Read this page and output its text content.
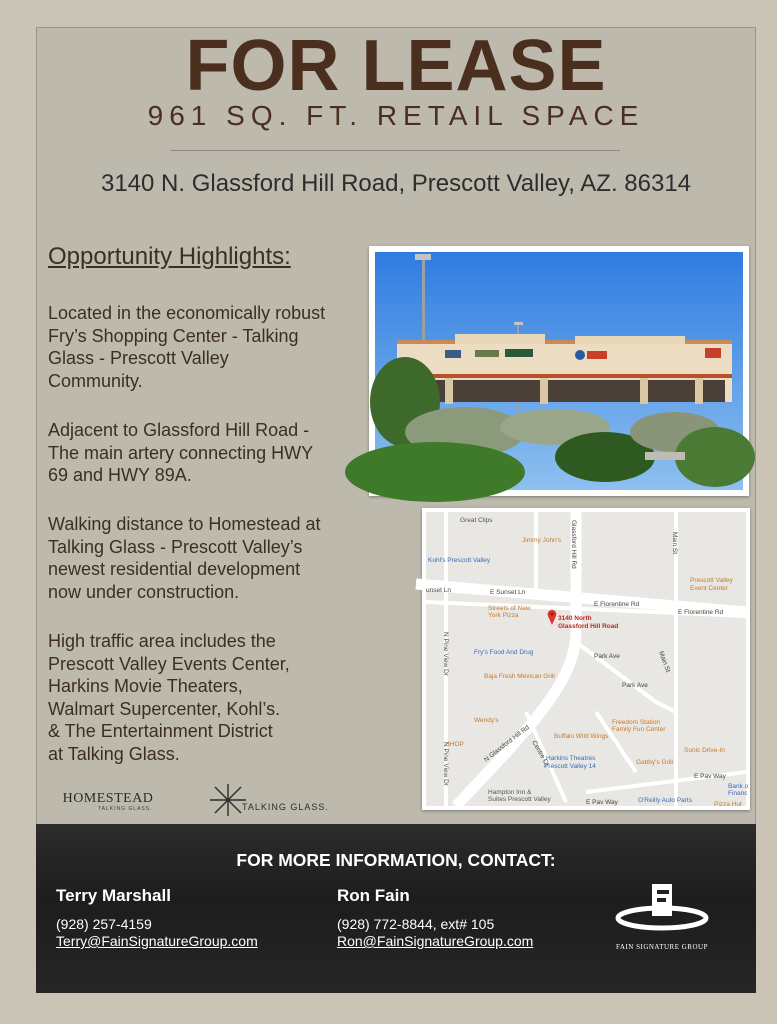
FOR LEASE
961 SQ. FT. RETAIL SPACE
3140 N. Glassford Hill Road, Prescott Valley, AZ. 86314
Opportunity Highlights:

Located in the economically robust
Fry’s Shopping Center - Talking
Glass - Prescott Valley
Community.

Adjacent to Glassford Hill Road -
The main artery connecting HWY
69 and HWY 89A.

Walking distance to Homestead at
Talking Glass - Prescott Valley’s
newest residential development
now under construction.

High traffic area includes the
Prescott Valley Events Center,
Harkins Movie Theaters,
Walmart Supercenter, Kohl’s.
& The Entertainment District
at Talking Glass.

Great Clips
Jimmy John's
Kohl's Prescott Valley
E Sunset Ln
unset Ln
E Florentine Rd
E Florentine Rd
Prescott Valley
Event Center
Streets of New
York Pizza	3140 North
Glassford Hill Road
Fry's Food And Drug
Baja Fresh Mexican Grill
Park Ave
Park Ave
Wendy's	Freedom Station
Family Fun Center
Buffalo Wild Wings
N Glassford Hill Rd
IHOP
Harkins Theatres
Prescott Valley 14
Gabby's Grill
Sonic Drive-In
E Pav Way
Bank o
Financ
Hampton Inn &
Suites Prescott Valley	O'Reilly Auto Parts
Pizza Hut
N Pine View Dr
N Pine View Dr
Glassford Hill Rd	Main St
Main St
Centre Ct
E Pav Way
HOMESTEAD
TALKING GLASS.	TALKING GLASS.
FOR MORE INFORMATION, CONTACT:
Terry Marshall
(928) 257-4159
Terry@FainSignatureGroup.com
Ron Fain
(928) 772-8844, ext# 105
Ron@FainSignatureGroup.com	FAIN SIGNATURE GROUP
